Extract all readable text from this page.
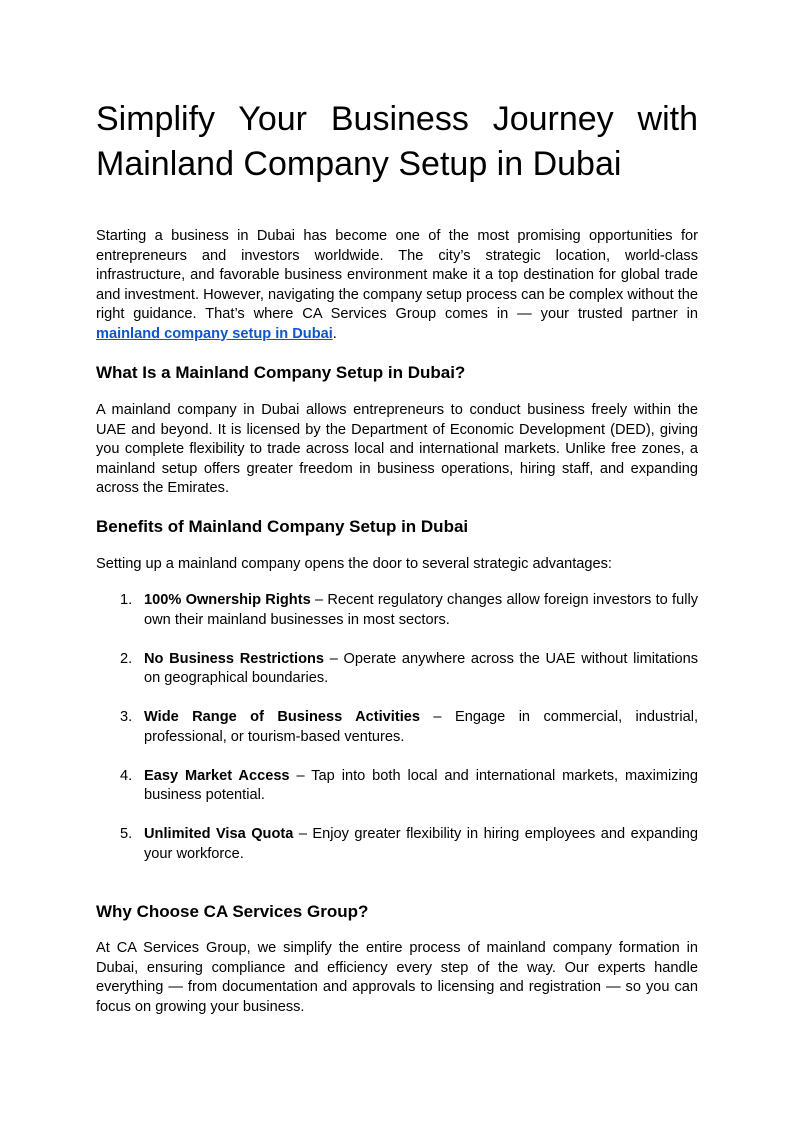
Simplify Your Business Journey with Mainland Company Setup in Dubai

Starting a business in Dubai has become one of the most promising opportunities for entrepreneurs and investors worldwide. The city’s strategic location, world-class infrastructure, and favorable business environment make it a top destination for global trade and investment. However, navigating the company setup process can be complex without the right guidance. That’s where CA Services Group comes in — your trusted partner in mainland company setup in Dubai.

What Is a Mainland Company Setup in Dubai?

A mainland company in Dubai allows entrepreneurs to conduct business freely within the UAE and beyond. It is licensed by the Department of Economic Development (DED), giving you complete flexibility to trade across local and international markets. Unlike free zones, a mainland setup offers greater freedom in business operations, hiring staff, and expanding across the Emirates.

Benefits of Mainland Company Setup in Dubai

Setting up a mainland company opens the door to several strategic advantages:

1. 100% Ownership Rights – Recent regulatory changes allow foreign investors to fully own their mainland businesses in most sectors.
2. No Business Restrictions – Operate anywhere across the UAE without limitations on geographical boundaries.
3. Wide Range of Business Activities – Engage in commercial, industrial, professional, or tourism-based ventures.
4. Easy Market Access – Tap into both local and international markets, maximizing business potential.
5. Unlimited Visa Quota – Enjoy greater flexibility in hiring employees and expanding your workforce.
Why Choose CA Services Group?

At CA Services Group, we simplify the entire process of mainland company formation in Dubai, ensuring compliance and efficiency every step of the way. Our experts handle everything — from documentation and approvals to licensing and registration — so you can focus on growing your business.
